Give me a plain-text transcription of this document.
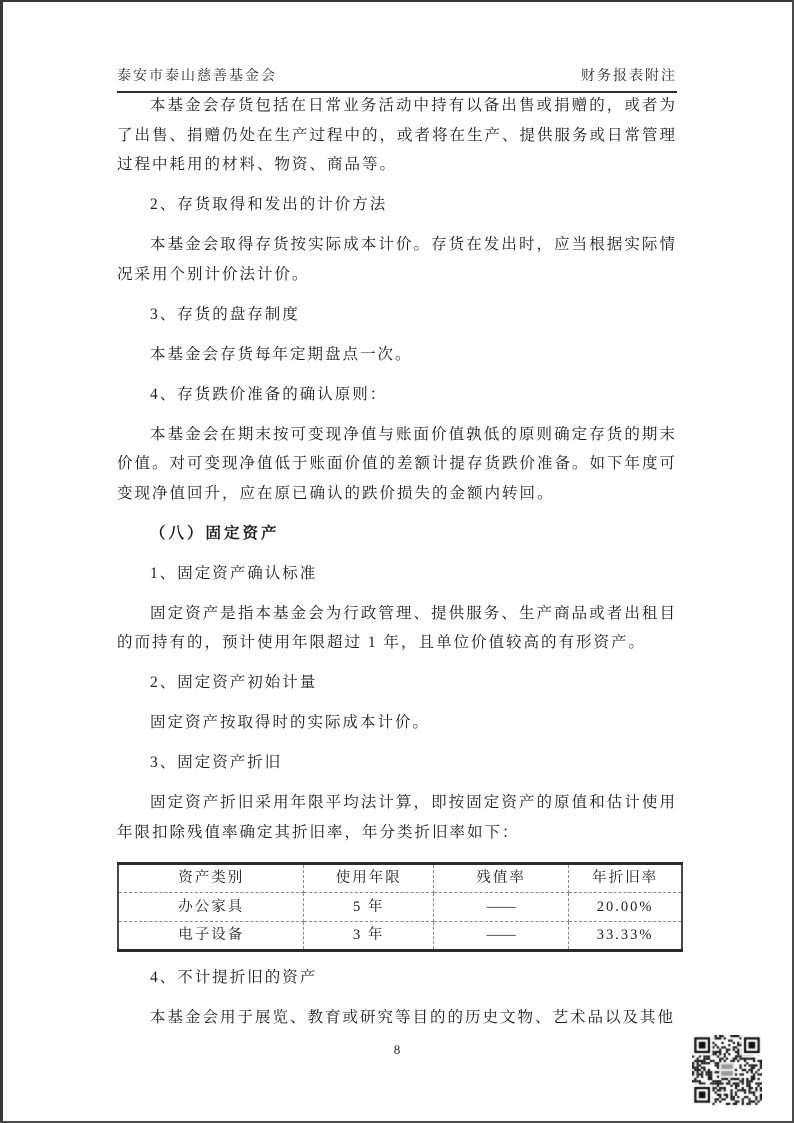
泰安市泰山慈善基金会	财务报表附注
本基金会存货包括在日常业务活动中持有以备出售或捐赠的，或者为了出售、捐赠仍处在生产过程中的，或者将在生产、提供服务或日常管理过程中耗用的材料、物资、商品等。
2、存货取得和发出的计价方法
本基金会取得存货按实际成本计价。存货在发出时，应当根据实际情况采用个别计价法计价。
3、存货的盘存制度
本基金会存货每年定期盘点一次。
4、存货跌价准备的确认原则：
本基金会在期末按可变现净值与账面价值孰低的原则确定存货的期末价值。对可变现净值低于账面价值的差额计提存货跌价准备。如下年度可变现净值回升，应在原已确认的跌价损失的金额内转回。
（八）固定资产
1、固定资产确认标准
固定资产是指本基金会为行政管理、提供服务、生产商品或者出租目的而持有的，预计使用年限超过 1 年，且单位价值较高的有形资产。
2、固定资产初始计量
固定资产按取得时的实际成本计价。
3、固定资产折旧
固定资产折旧采用年限平均法计算，即按固定资产的原值和估计使用年限扣除残值率确定其折旧率，年分类折旧率如下：
资产类别	使用年限	残值率	年折旧率
办公家具	5 年	——	20.00%
电子设备	3 年	——	33.33%
4、不计提折旧的资产
本基金会用于展览、教育或研究等目的的历史文物、艺术品以及其他
8
